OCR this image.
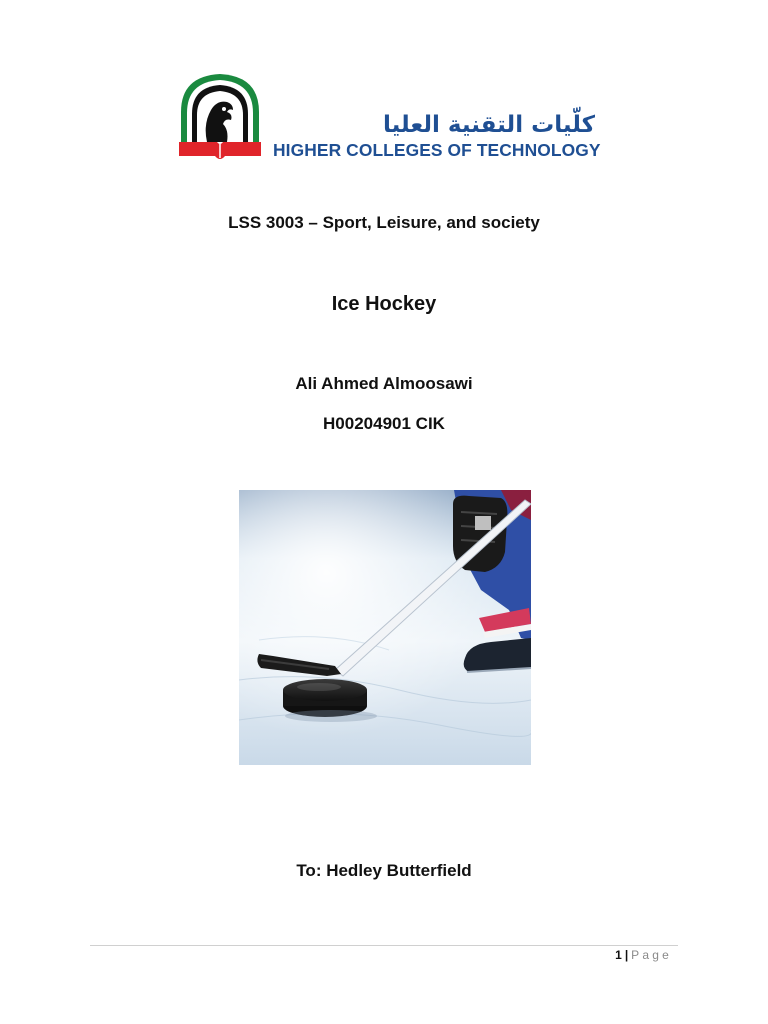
كلّيات التقنية العليا
HIGHER COLLEGES OF TECHNOLOGY
LSS 3003 – Sport, Leisure, and society
Ice Hockey
Ali Ahmed Almoosawi
H00204901 CIK
To: Hedley Butterfield
1 | Page
